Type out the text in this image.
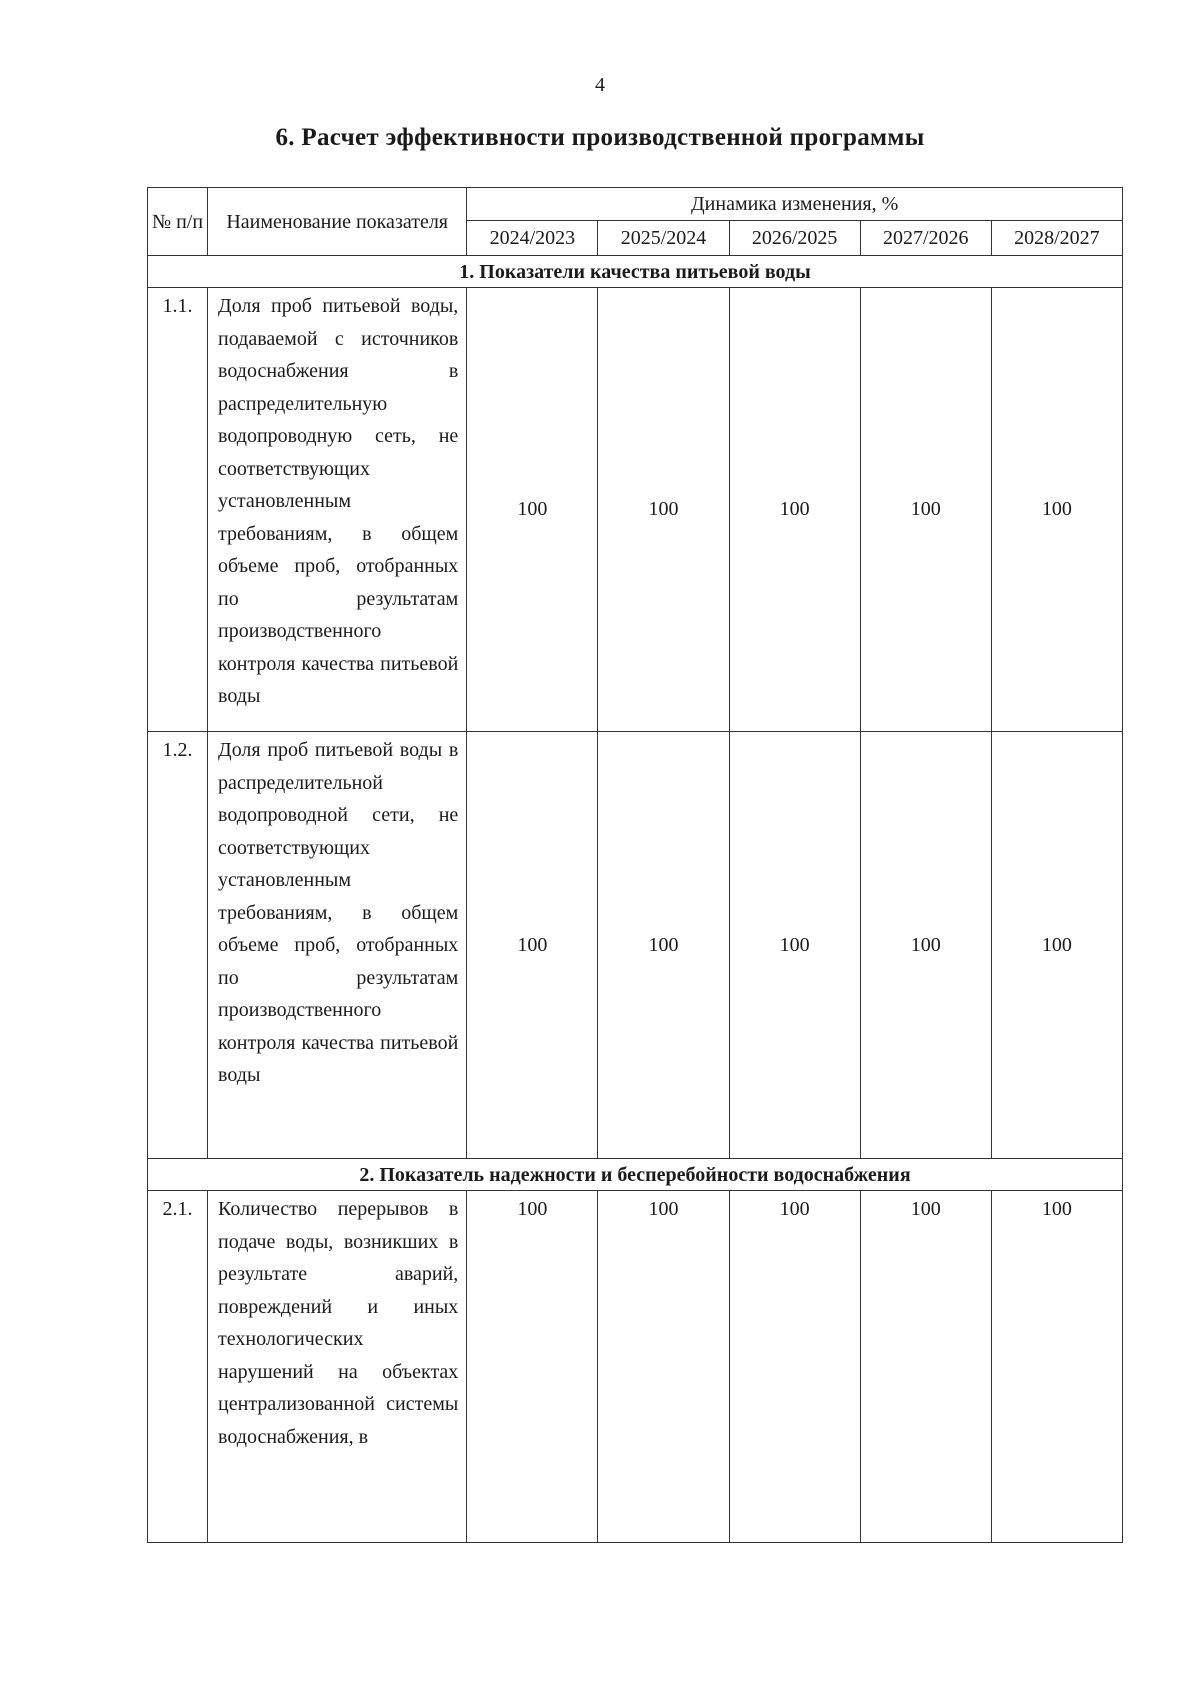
4
6. Расчет эффективности производственной программы
№ п/п	Наименование показателя	Динамика изменения, %				
		2024/2023	2025/2024	2026/2025	2027/2026	2028/2027
1. Показатели качества питьевой воды						
1.1.	Доля проб питьевой воды, подаваемой с источников водоснабжения в распределительную водопроводную сеть, не соответствующих установленным требованиям, в общем объеме проб, отобранных по результатам производственного контроля качества питьевой воды	100	100	100	100	100
1.2.	Доля проб питьевой воды в распределительной водопроводной сети, не соответствующих установленным требованиям, в общем объеме проб, отобранных по результатам производственного контроля качества питьевой воды	100	100	100	100	100
2. Показатель надежности и бесперебойности водоснабжения						
2.1.	Количество перерывов в подаче воды, возникших в результате аварий, повреждений и иных технологических нарушений на объектах централизованной системы водоснабжения, в	100	100	100	100	100
